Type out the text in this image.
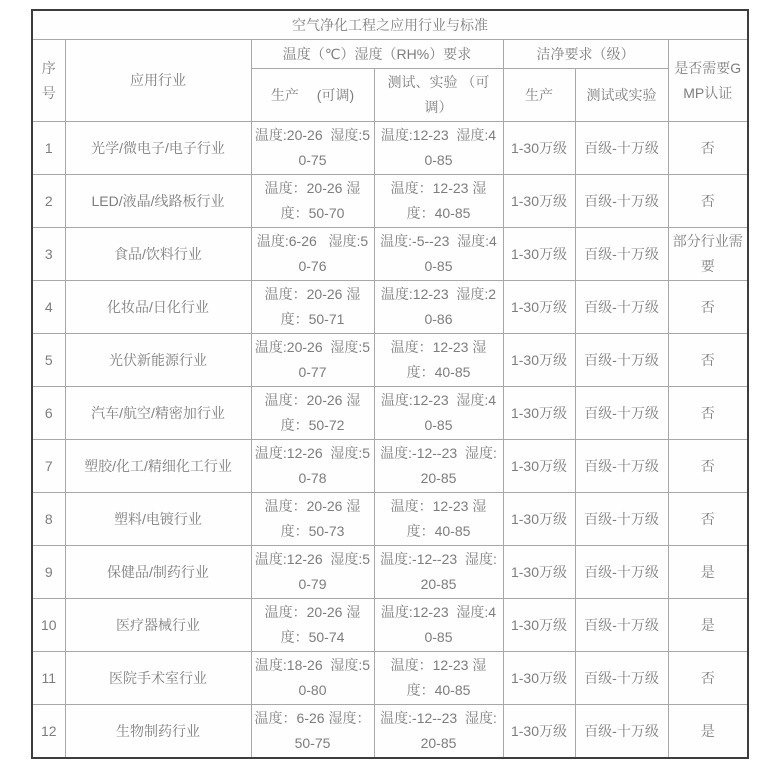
空气净化工程之应用行业与标准						
序号	应用行业	温度（℃）湿度（RH%）要求		洁净要求（级）		是否需要GMP认证
		生产　 (可调)	测试、实验 （可调）	生产	测试或实验	
1	光学/微电子/电子行业	温度:20-26  湿度:50-75	温度:12-23  湿度:40-85	1-30万级	百级-十万级	否
2	LED/液晶/线路板行业	温度：20-26 湿度：50-70	温度：12-23 湿度：40-85	1-30万级	百级-十万级	否
3	食品/饮料行业	温度:6-26   湿度:50-76	温度:-5--23  湿度:40-85	1-30万级	百级-十万级	部分行业需要
4	化妆品/日化行业	温度：20-26 湿度：50-71	温度:12-23  湿度:20-86	1-30万级	百级-十万级	否
5	光伏新能源行业	温度:20-26  湿度:50-77	温度：12-23 湿度：40-85	1-30万级	百级-十万级	否
6	汽车/航空/精密加行业	温度：20-26 湿度：50-72	温度:12-23  湿度:40-85	1-30万级	百级-十万级	否
7	塑胶/化工/精细化工行业	温度:12-26  湿度:50-78	温度:-12--23  湿度:20-85	1-30万级	百级-十万级	否
8	塑料/电镀行业	温度：20-26 湿度：50-73	温度：12-23 湿度：40-85	1-30万级	百级-十万级	否
9	保健品/制药行业	温度:12-26  湿度:50-79	温度:-12--23  湿度:20-85	1-30万级	百级-十万级	是
10	医疗器械行业	温度：20-26 湿度：50-74	温度:12-23  湿度:40-85	1-30万级	百级-十万级	是
11	医院手术室行业	温度:18-26  湿度:50-80	温度：12-23 湿度：40-85	1-30万级	百级-十万级	否
12	生物制药行业	温度：6-26 湿度：50-75	温度:-12--23  湿度:20-85	1-30万级	百级-十万级	是
